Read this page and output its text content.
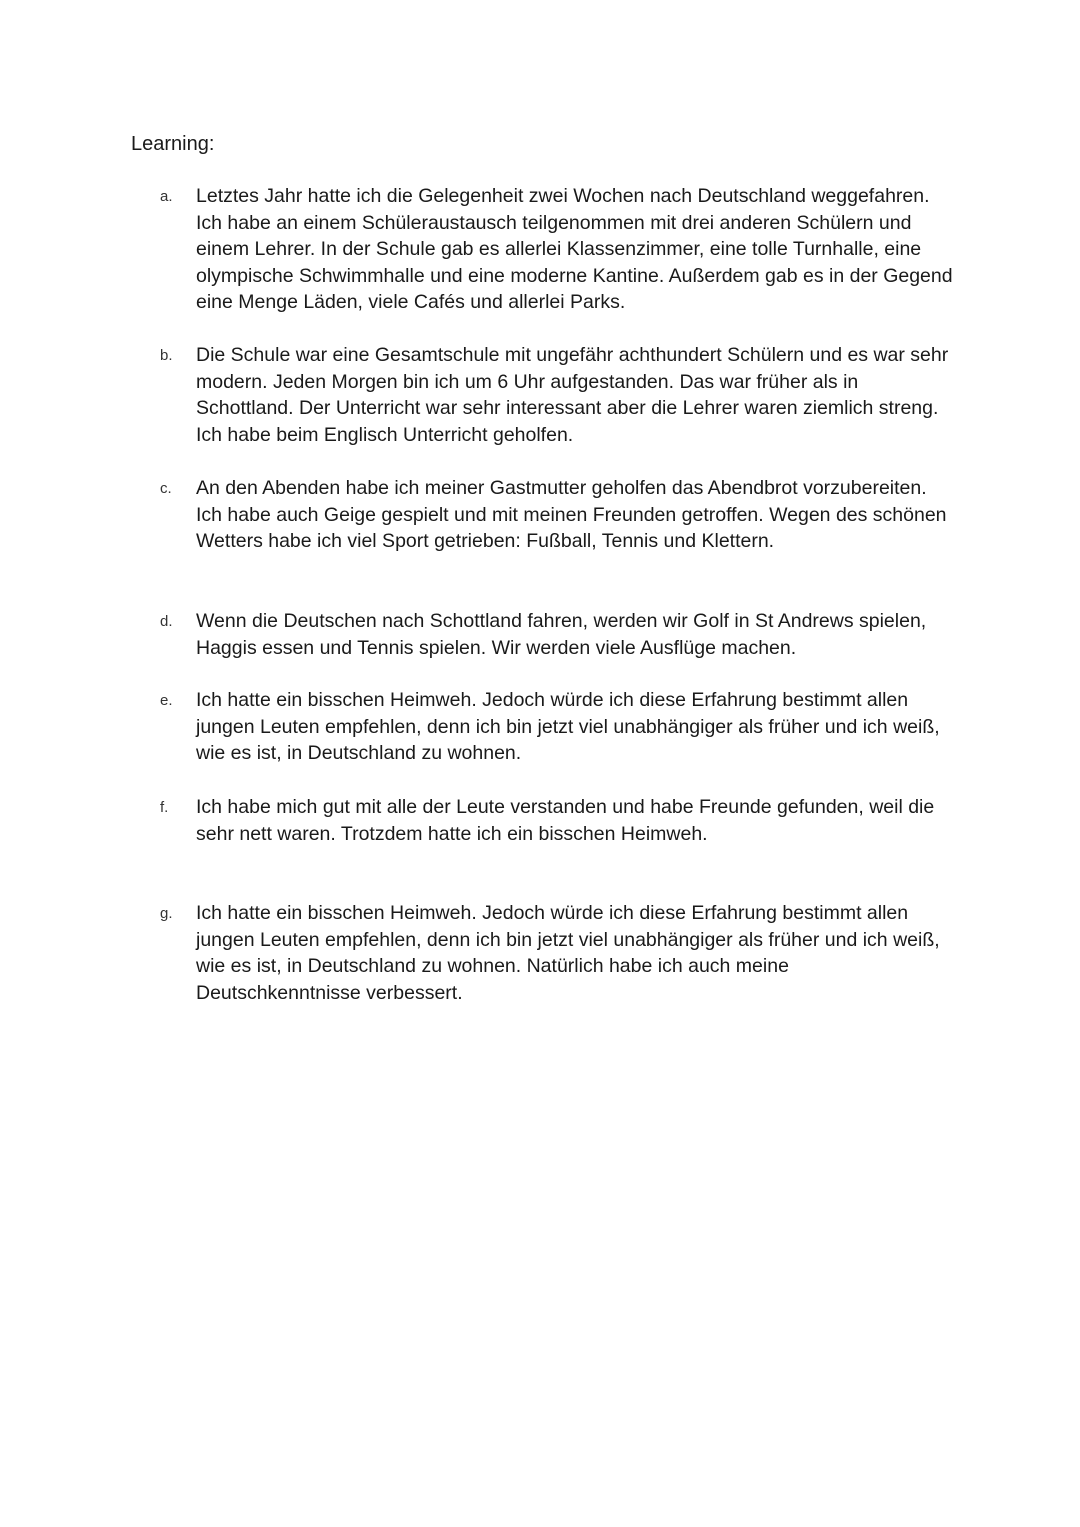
Learning:
a.	Letztes Jahr hatte ich die Gelegenheit zwei Wochen nach Deutschland weggefahren. Ich habe an einem Schüleraustausch teilgenommen mit drei anderen Schülern und einem Lehrer. In der Schule gab es allerlei Klassenzimmer, eine tolle Turnhalle, eine olympische Schwimmhalle und eine moderne Kantine. Außerdem gab es in der Gegend eine Menge Läden, viele Cafés und allerlei Parks.

b.	Die Schule war eine Gesamtschule mit ungefähr achthundert Schülern und es war sehr modern. Jeden Morgen bin ich um 6 Uhr aufgestanden. Das war früher als in Schottland. Der Unterricht war sehr interessant aber die Lehrer waren ziemlich streng. Ich habe beim Englisch Unterricht geholfen.

c.	An den Abenden habe ich meiner Gastmutter geholfen das Abendbrot vorzubereiten. Ich habe auch Geige gespielt und mit meinen Freunden getroffen. Wegen des schönen Wetters habe ich viel Sport getrieben: Fußball, Tennis und Klettern.

d.	Wenn die Deutschen nach Schottland fahren, werden wir Golf in St Andrews spielen, Haggis essen und Tennis spielen. Wir werden viele Ausflüge machen.

e.	Ich hatte ein bisschen Heimweh. Jedoch würde ich diese Erfahrung bestimmt allen jungen Leuten empfehlen, denn ich bin jetzt viel unabhängiger als früher und ich weiß, wie es ist, in Deutschland zu wohnen.

f.	Ich habe mich gut mit alle der Leute verstanden und habe Freunde gefunden, weil die sehr nett waren. Trotzdem hatte ich ein bisschen Heimweh.

g.	Ich hatte ein bisschen Heimweh. Jedoch würde ich diese Erfahrung bestimmt allen jungen Leuten empfehlen, denn ich bin jetzt viel unabhängiger als früher und ich weiß, wie es ist, in Deutschland zu wohnen. Natürlich habe ich auch meine Deutschkenntnisse verbessert.
